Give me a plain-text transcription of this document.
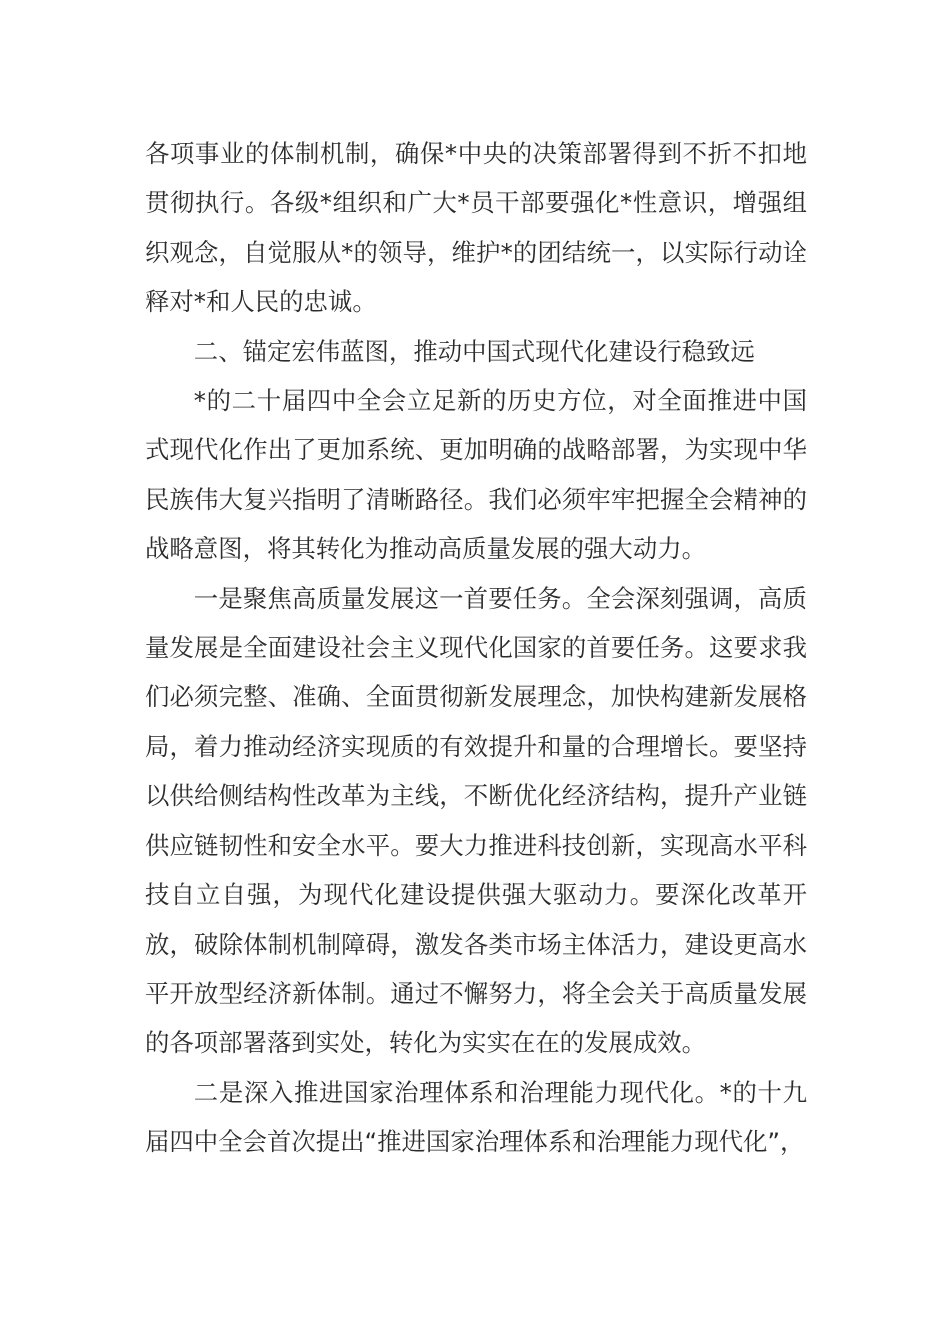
各项事业的体制机制，确保*中央的决策部署得到不折不扣地贯彻执行。各级*组织和广大*员干部要强化*性意识，增强组织观念，自觉服从*的领导，维护*的团结统一，以实际行动诠释对*和人民的忠诚。

二、锚定宏伟蓝图，推动中国式现代化建设行稳致远

*的二十届四中全会立足新的历史方位，对全面推进中国式现代化作出了更加系统、更加明确的战略部署，为实现中华民族伟大复兴指明了清晰路径。我们必须牢牢把握全会精神的战略意图，将其转化为推动高质量发展的强大动力。

一是聚焦高质量发展这一首要任务。全会深刻强调，高质量发展是全面建设社会主义现代化国家的首要任务。这要求我们必须完整、准确、全面贯彻新发展理念，加快构建新发展格局，着力推动经济实现质的有效提升和量的合理增长。要坚持以供给侧结构性改革为主线，不断优化经济结构，提升产业链供应链韧性和安全水平。要大力推进科技创新，实现高水平科技自立自强，为现代化建设提供强大驱动力。要深化改革开放，破除体制机制障碍，激发各类市场主体活力，建设更高水平开放型经济新体制。通过不懈努力，将全会关于高质量发展的各项部署落到实处，转化为实实在在的发展成效。

二是深入推进国家治理体系和治理能力现代化。*的十九届四中全会首次提出“推进国家治理体系和治理能力现代化”，
